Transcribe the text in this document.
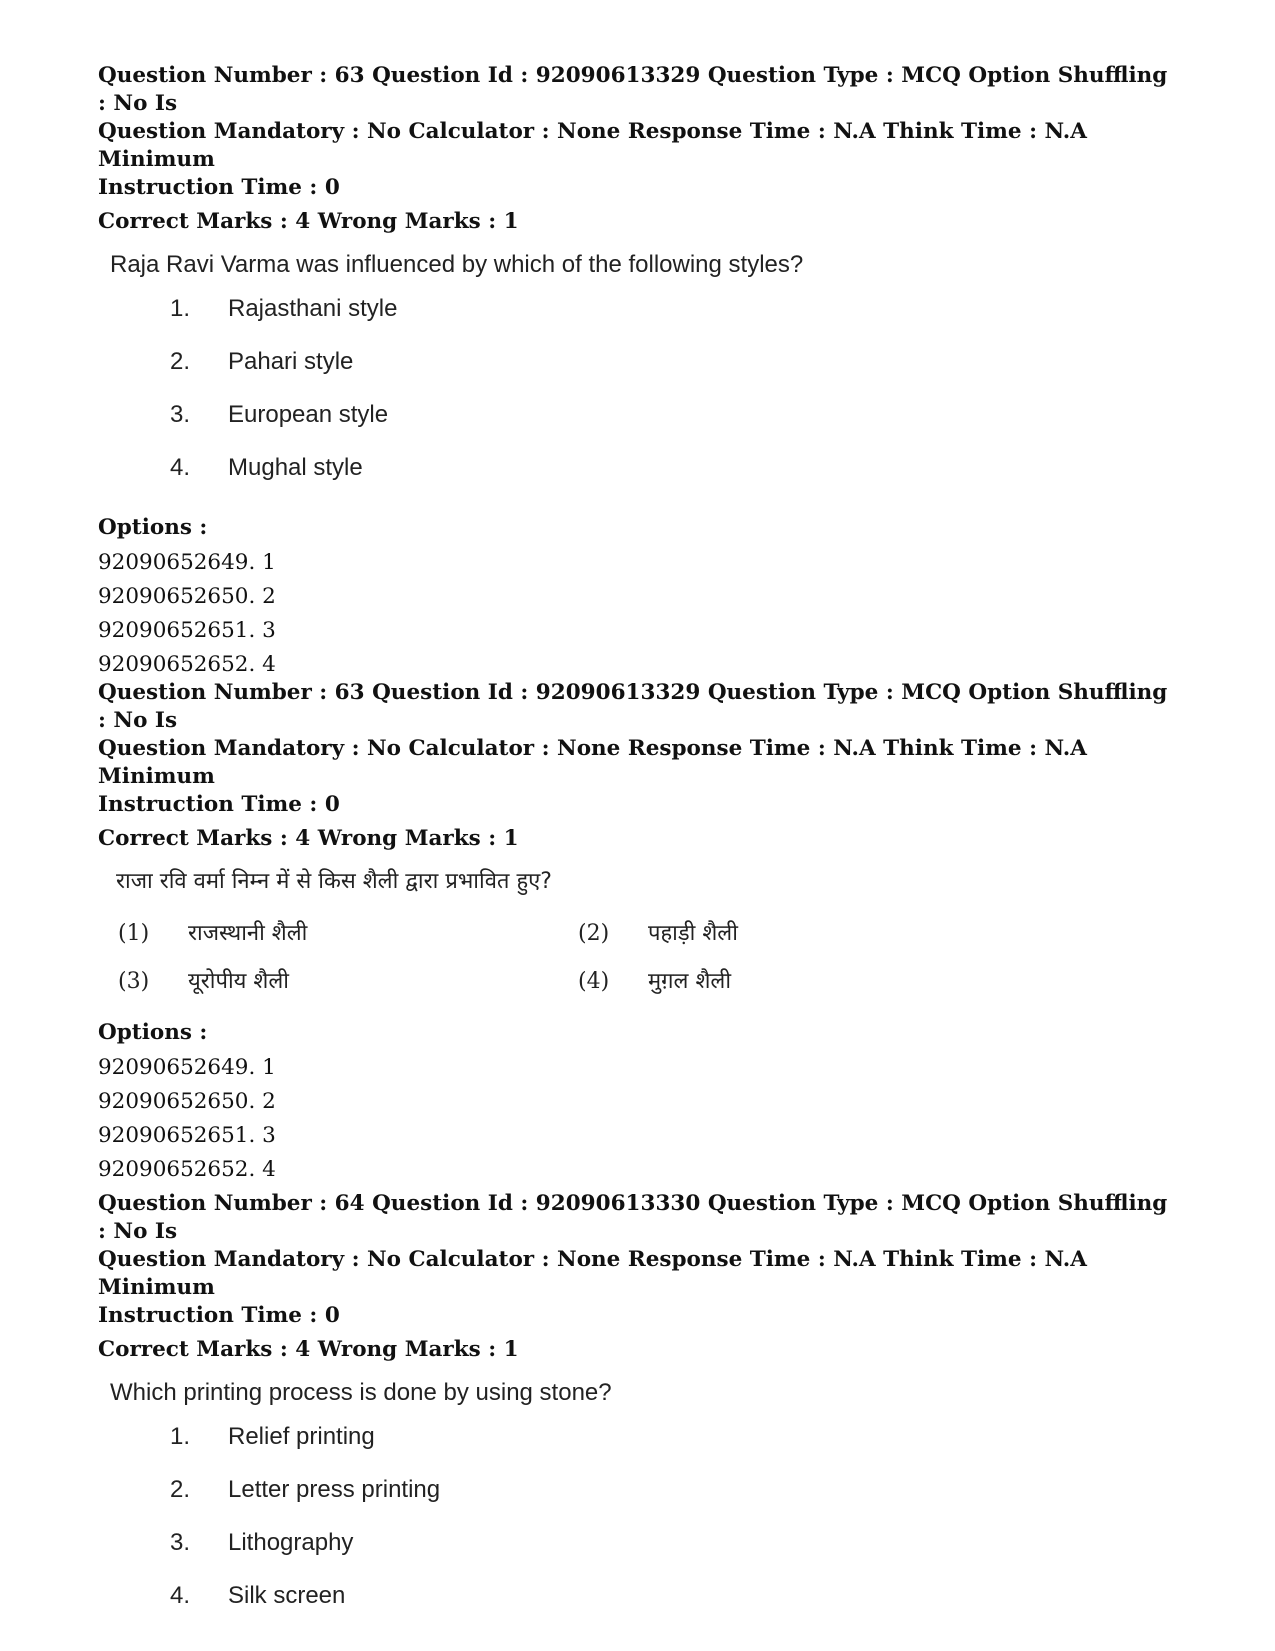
Question Number : 63 Question Id : 92090613329 Question Type : MCQ Option Shuffling : No Is
Question Mandatory : No Calculator : None Response Time : N.A Think Time : N.A Minimum
Instruction Time : 0

Correct Marks : 4 Wrong Marks : 1

Raja Ravi Varma was influenced by which of the following styles?

1.	Rajasthani style
2.	Pahari style
3.	European style
4.	Mughal style

Options :

92090652649. 1

92090652650. 2

92090652651. 3

92090652652. 4

Question Number : 63 Question Id : 92090613329 Question Type : MCQ Option Shuffling : No Is
Question Mandatory : No Calculator : None Response Time : N.A Think Time : N.A Minimum
Instruction Time : 0

Correct Marks : 4 Wrong Marks : 1

राजा रवि वर्मा निम्न में से किस शैली द्वारा प्रभावित हुए?

(1)	राजस्थानी शैली	(2)	पहाड़ी शैली
(3)	यूरोपीय शैली	(4)	मुग़ल शैली

Options :

92090652649. 1

92090652650. 2

92090652651. 3

92090652652. 4

Question Number : 64 Question Id : 92090613330 Question Type : MCQ Option Shuffling : No Is
Question Mandatory : No Calculator : None Response Time : N.A Think Time : N.A Minimum
Instruction Time : 0

Correct Marks : 4 Wrong Marks : 1

Which printing process is done by using stone?

1.	Relief printing
2.	Letter press printing
3.	Lithography
4.	Silk screen
